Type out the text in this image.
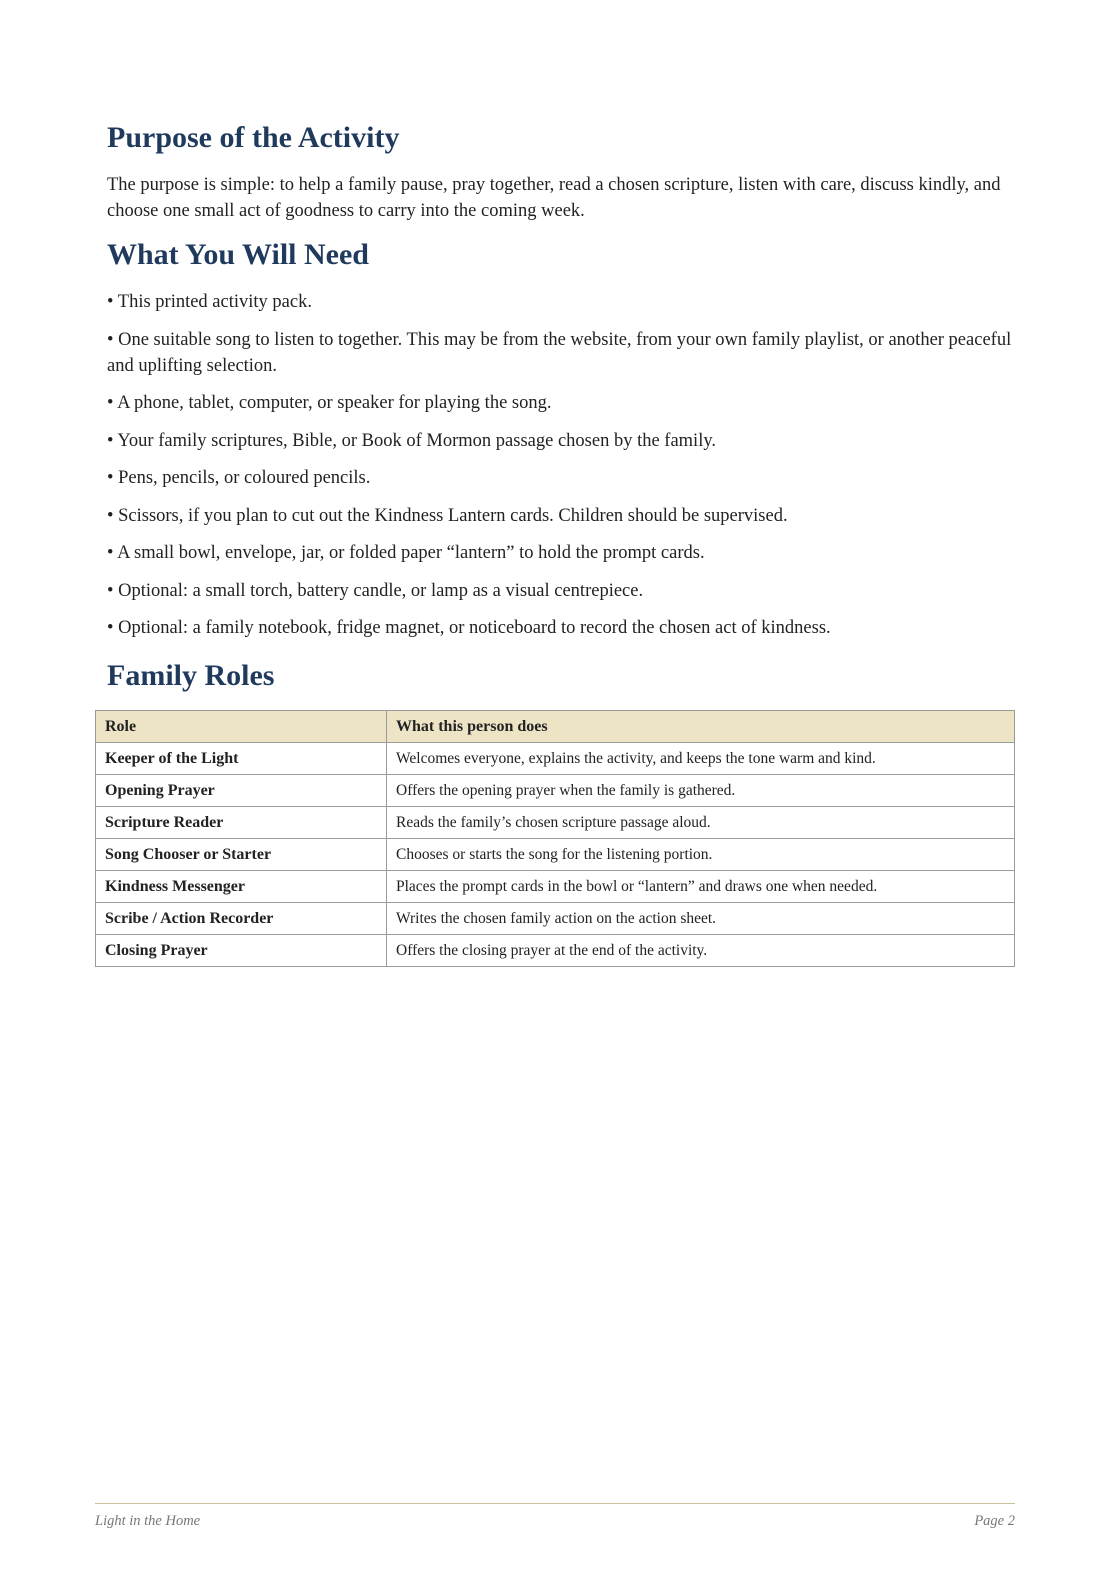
Purpose of the Activity

The purpose is simple: to help a family pause, pray together, read a chosen scripture, listen with care, discuss kindly, and choose one small act of goodness to carry into the coming week.

What You Will Need
• This printed activity pack.
• One suitable song to listen to together. This may be from the website, from your own family playlist, or another peaceful and uplifting selection.
• A phone, tablet, computer, or speaker for playing the song.
• Your family scriptures, Bible, or Book of Mormon passage chosen by the family.
• Pens, pencils, or coloured pencils.
• Scissors, if you plan to cut out the Kindness Lantern cards. Children should be supervised.
• A small bowl, envelope, jar, or folded paper “lantern” to hold the prompt cards.
• Optional: a small torch, battery candle, or lamp as a visual centrepiece.
• Optional: a family notebook, fridge magnet, or noticeboard to record the chosen act of kindness.
Family Roles
Role	What this person does
Keeper of the Light	Welcomes everyone, explains the activity, and keeps the tone warm and kind.
Opening Prayer	Offers the opening prayer when the family is gathered.
Scripture Reader	Reads the family’s chosen scripture passage aloud.
Song Chooser or Starter	Chooses or starts the song for the listening portion.
Kindness Messenger	Places the prompt cards in the bowl or “lantern” and draws one when needed.
Scribe / Action Recorder	Writes the chosen family action on the action sheet.
Closing Prayer	Offers the closing prayer at the end of the activity.
Light in the Home	Page 2
